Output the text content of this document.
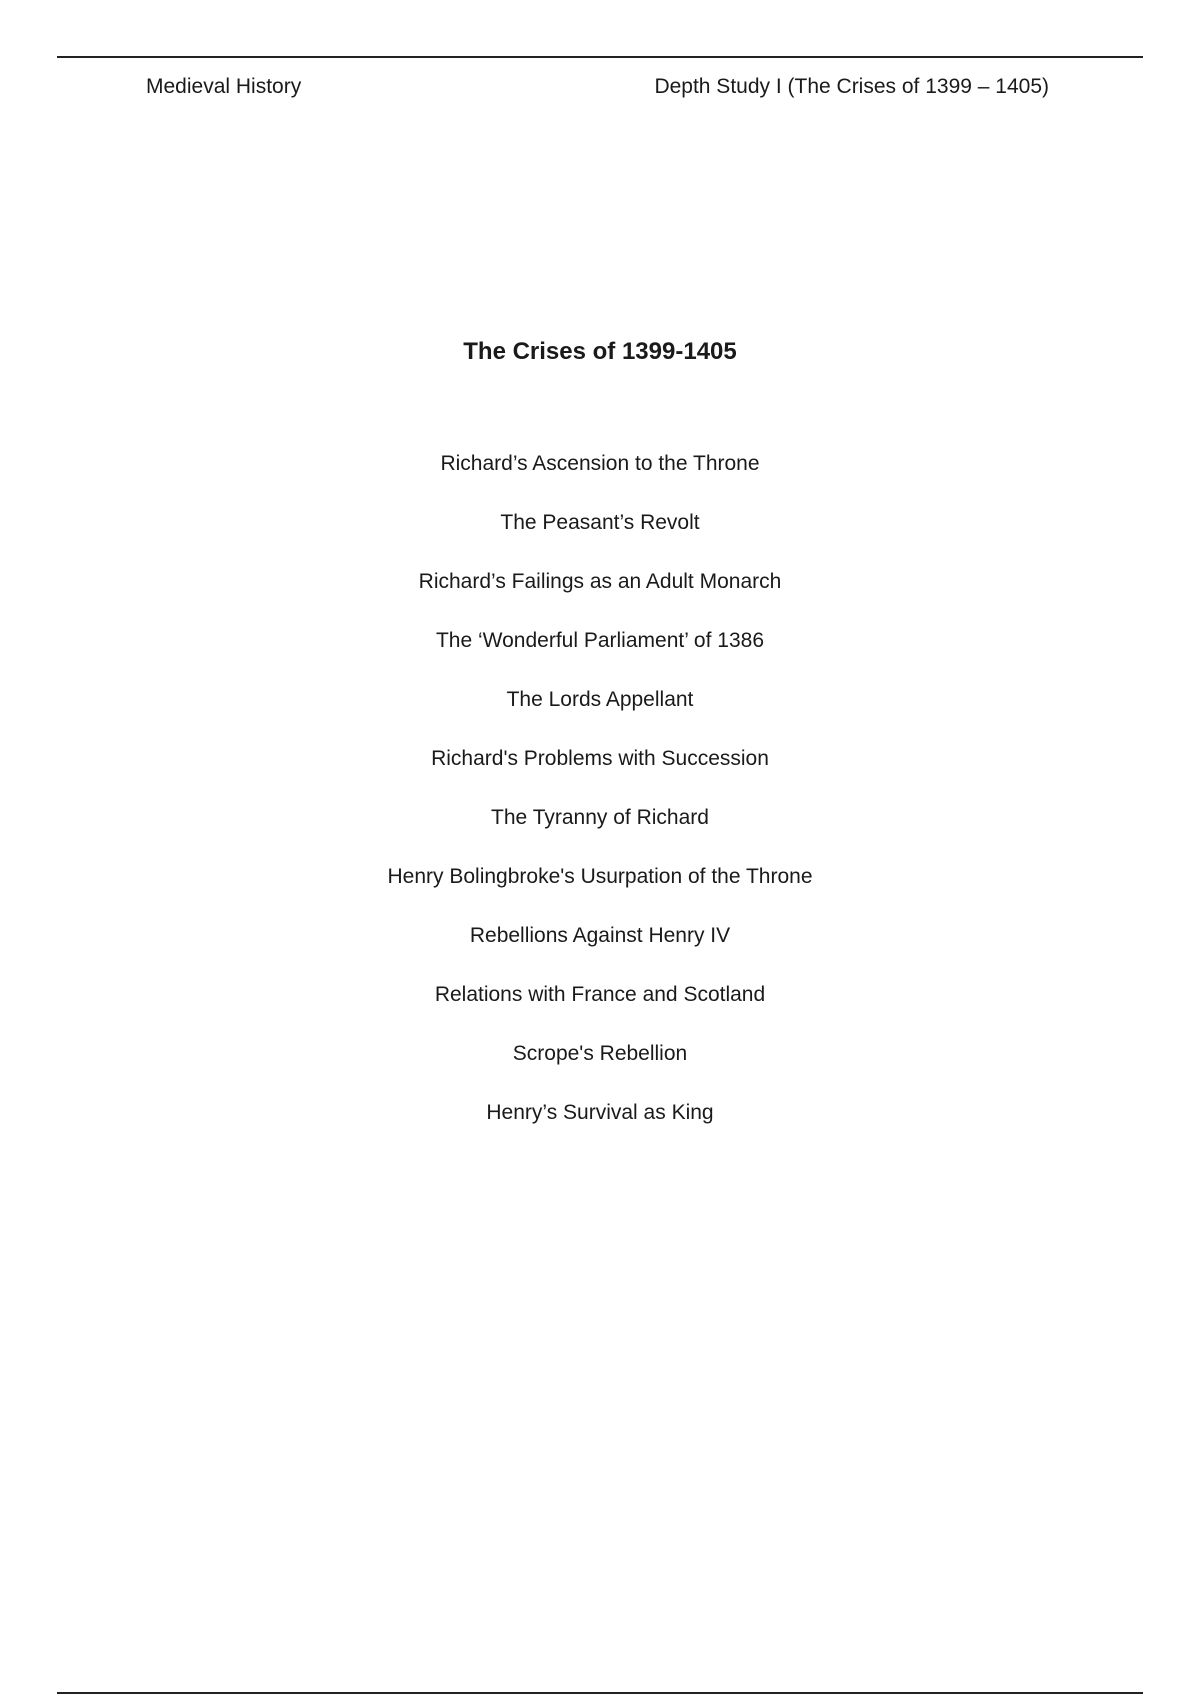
Medieval History	Depth Study I (The Crises of 1399 – 1405)
The Crises of 1399-1405
Richard’s Ascension to the Throne
The Peasant’s Revolt
Richard’s Failings as an Adult Monarch
The ‘Wonderful Parliament’ of 1386
The Lords Appellant
Richard's Problems with Succession
The Tyranny of Richard
Henry Bolingbroke's Usurpation of the Throne
Rebellions Against Henry IV
Relations with France and Scotland
Scrope's Rebellion
Henry’s Survival as King
